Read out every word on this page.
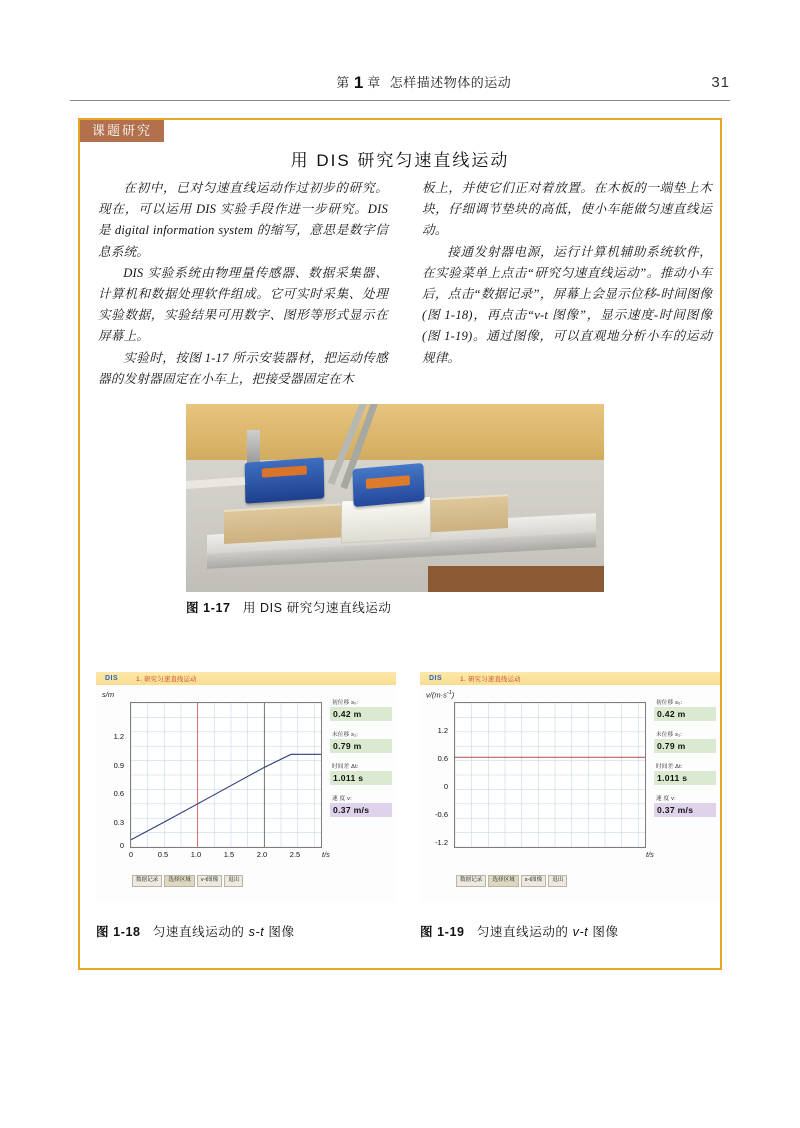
第 1 章 怎样描述物体的运动	31
课题研究
用 DIS 研究匀速直线运动

在初中，已对匀速直线运动作过初步的研究。现在，可以运用 DIS 实验手段作进一步研究。DIS 是 digital information system 的缩写，意思是数字信息系统。

DIS 实验系统由物理量传感器、数据采集器、计算机和数据处理软件组成。它可实时采集、处理实验数据，实验结果可用数字、图形等形式显示在屏幕上。

实验时，按图 1-17 所示安装器材，把运动传感器的发射器固定在小车上，把接受器固定在木

板上，并使它们正对着放置。在木板的一端垫上木块，仔细调节垫块的高低，使小车能做匀速直线运动。

接通发射器电源，运行计算机辅助系统软件，在实验菜单上点击“研究匀速直线运动”。推动小车后，点击“数据记录”，屏幕上会显示位移-时间图像(图 1-18)，再点击“v-t 图像”，显示速度-时间图像(图 1-19)。通过图像，可以直观地分析小车的运动规律。

图 1-17 用 DIS 研究匀速直线运动
DIS	1. 研究匀速直线运动
s/m
1.2
0.9
0.6
0.3
0
0	0.5	1.0	1.5	2.0	2.5	t/s
初位移 s₀:
0.42 m
末位移 s₁:
0.79 m
时间差 Δt:
1.011 s
速 度 v:
0.37 m/s
数据记录	选择区域	v-t图像	退出
DIS	1. 研究匀速直线运动
$v/(m\cdot s^{-1})$
1.2
0.6
0
-0.6
-1.2
t/s
初位移 s₀:
0.42 m
末位移 s₁:
0.79 m
时间差 Δt:
1.011 s
速 度 v:
0.37 m/s
数据记录	选择区域	s-t图像	退出
图 1-18 匀速直线运动的 s-t 图像	图 1-19 匀速直线运动的 v-t 图像
